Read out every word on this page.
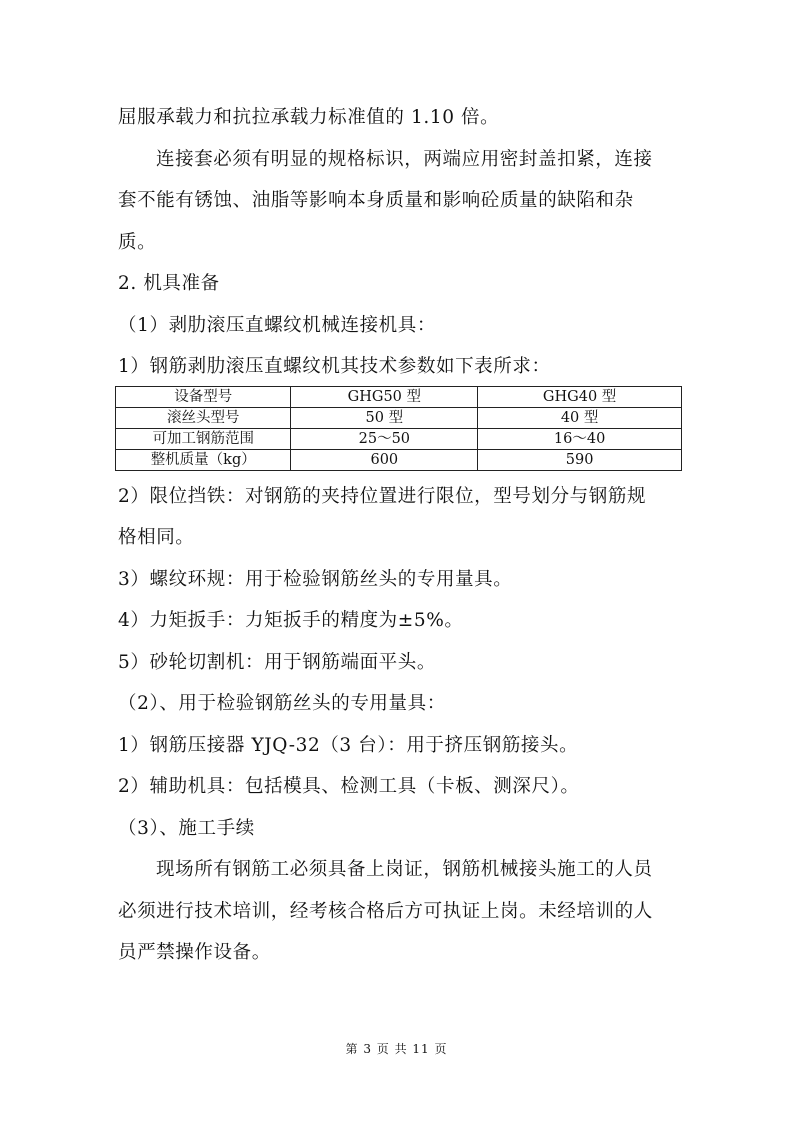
屈服承载力和抗拉承载力标准值的 1.10 倍。
连接套必须有明显的规格标识，两端应用密封盖扣紧，连接
套不能有锈蚀、油脂等影响本身质量和影响砼质量的缺陷和杂
质。
2. 机具准备
（1）剥肋滚压直螺纹机械连接机具：
1）钢筋剥肋滚压直螺纹机其技术参数如下表所求：
设备型号	GHG50 型	GHG40 型
滚丝头型号	50 型	40 型
可加工钢筋范围	25～50	16～40
整机质量（kg）	600	590
2）限位挡铁：对钢筋的夹持位置进行限位，型号划分与钢筋规
格相同。
3）螺纹环规：用于检验钢筋丝头的专用量具。
4）力矩扳手：力矩扳手的精度为±5%。
5）砂轮切割机：用于钢筋端面平头。
（2）、用于检验钢筋丝头的专用量具：
1）钢筋压接器 YJQ-32（3 台）：用于挤压钢筋接头。
2）辅助机具：包括模具、检测工具（卡板、测深尺）。
（3）、施工手续
现场所有钢筋工必须具备上岗证，钢筋机械接头施工的人员
必须进行技术培训，经考核合格后方可执证上岗。未经培训的人
员严禁操作设备。
第 3 页 共 11 页
